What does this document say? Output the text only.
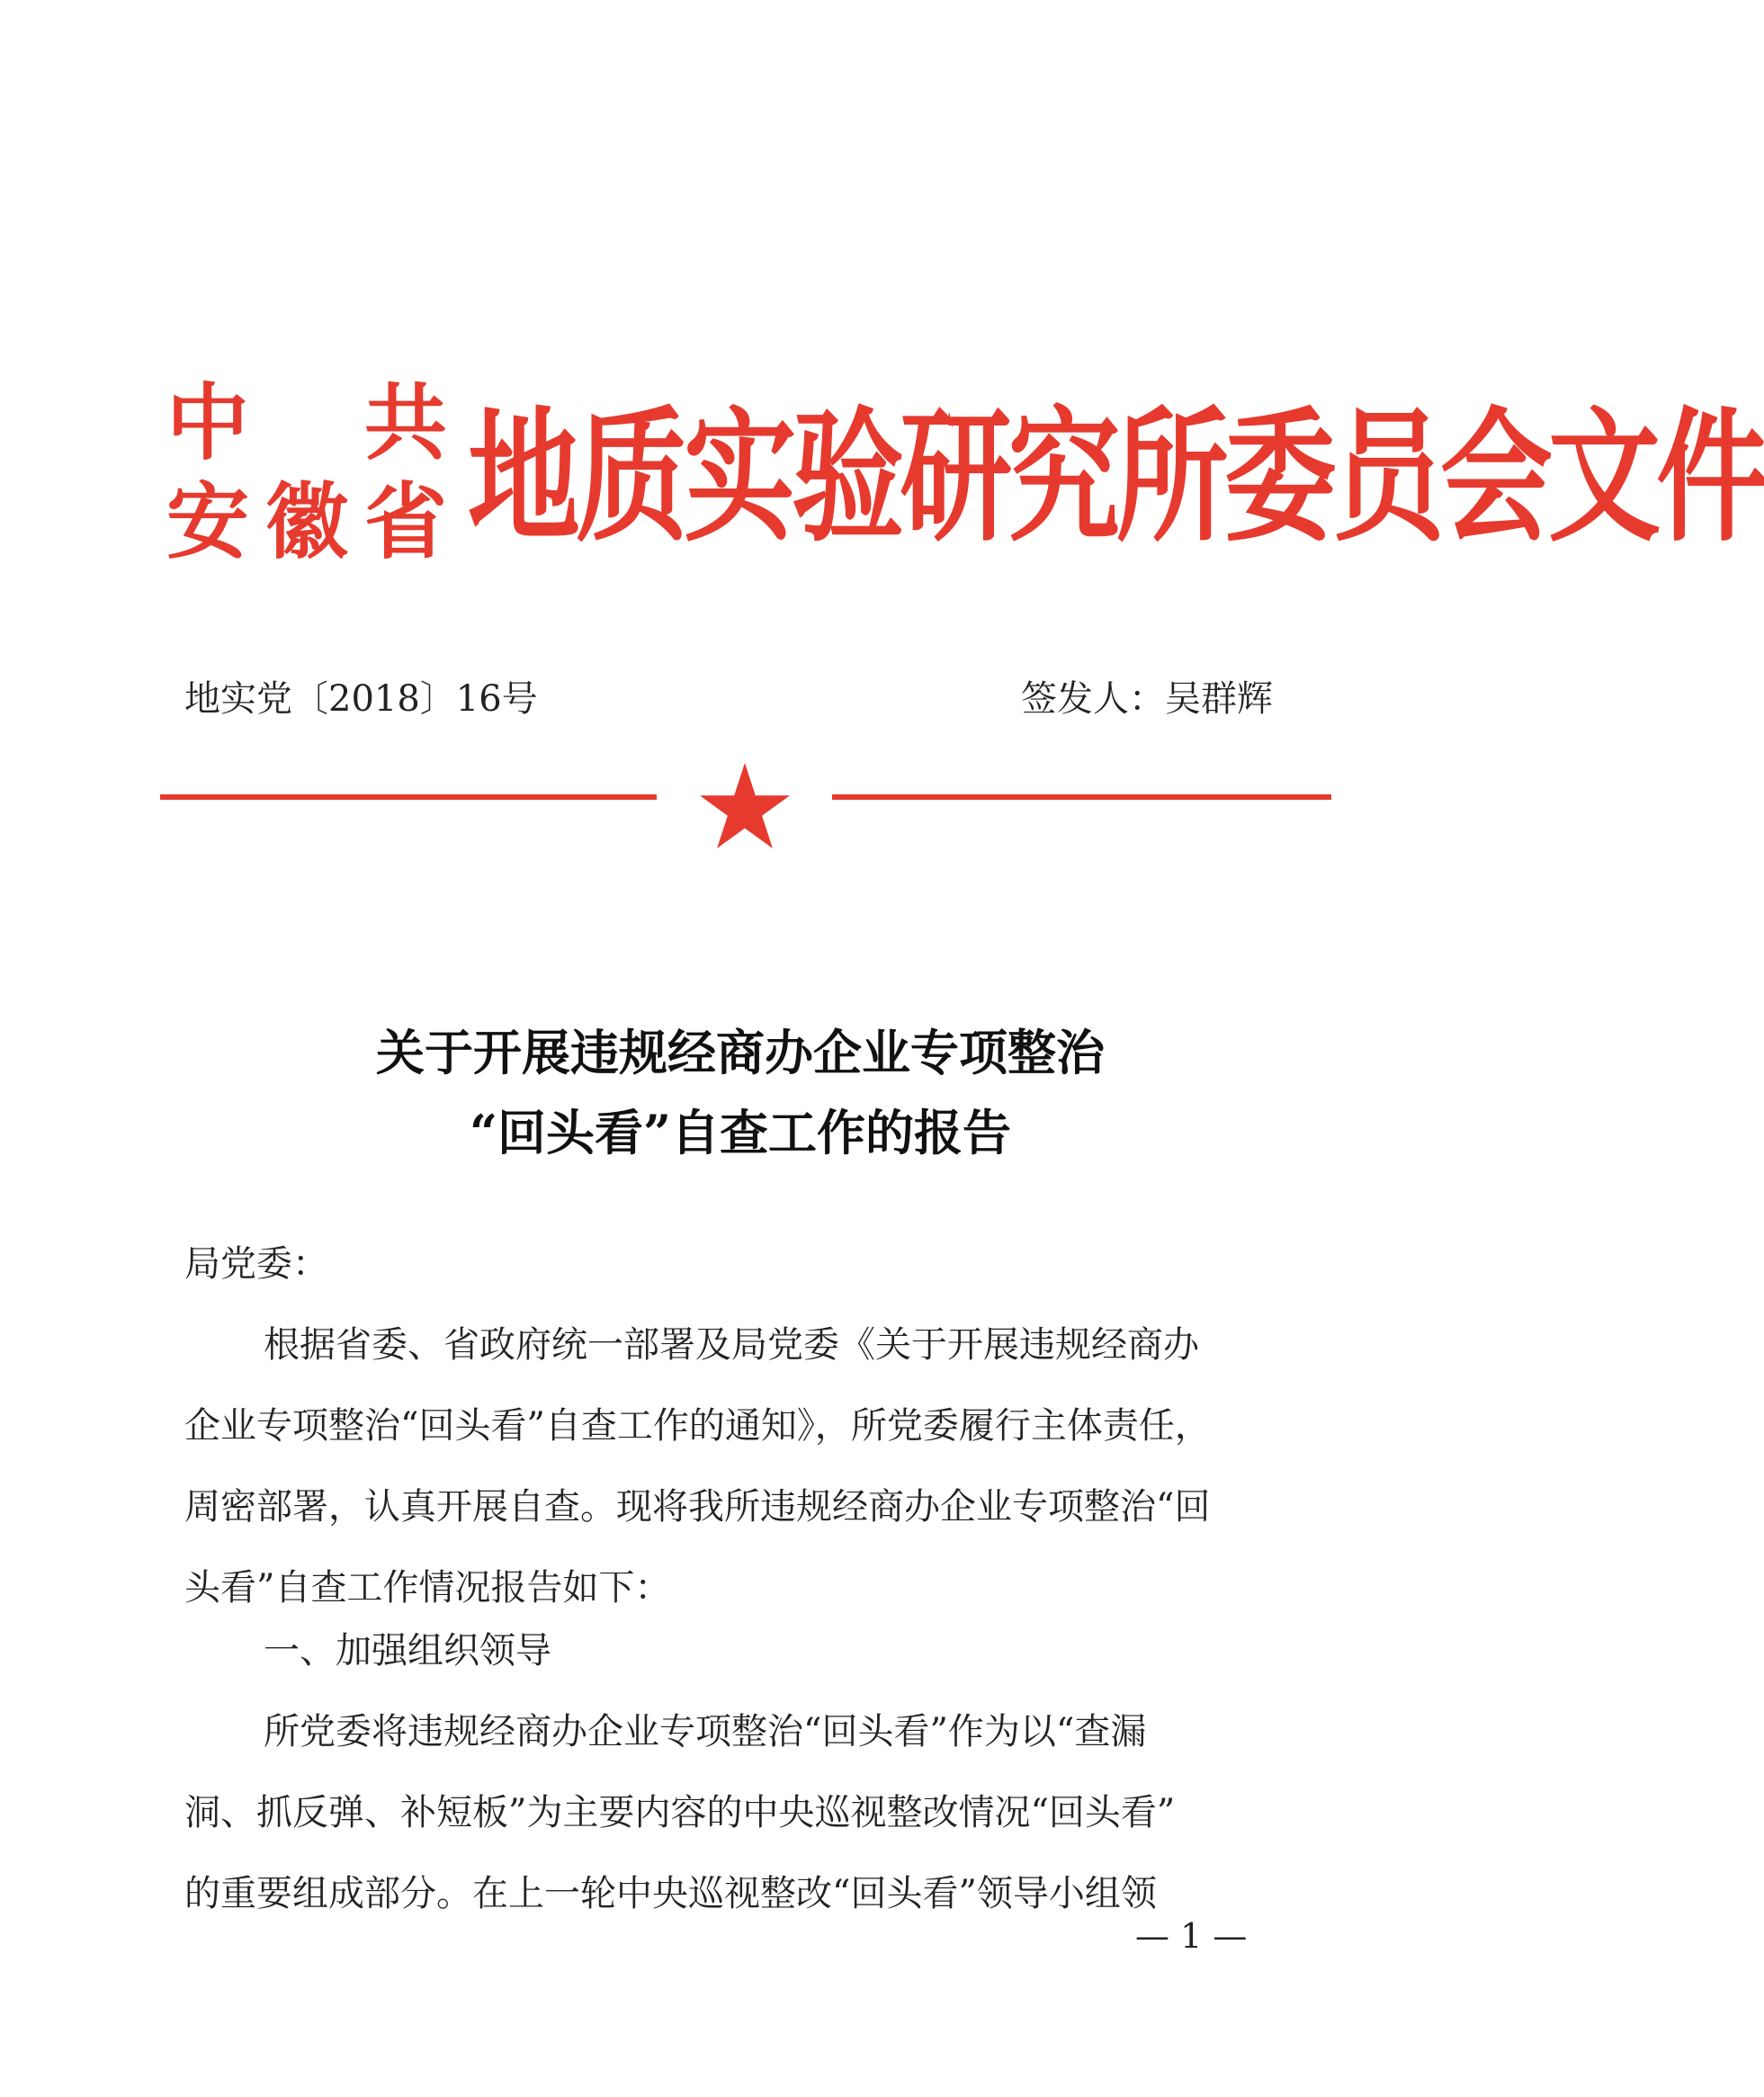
中 共
安 徽 省 地质实验研究所委员会文件
地实党〔2018〕16号	签发人：吴群辉
关于开展违规经商办企业专项整治
“回头看”自查工作的报告
局党委：
根据省委、省政府统一部署及局党委《关于开展违规经商办
企业专项整治“回头看”自查工作的通知》，所党委履行主体责任，
周密部署，认真开展自查。现将我所违规经商办企业专项整治“回
头看”自查工作情况报告如下：
一、加强组织领导
所党委将违规经商办企业专项整治“回头看”作为以“查漏
洞、抓反弹、补短板”为主要内容的中央巡视整改情况“回头看”
的重要组成部分。在上一轮中央巡视整改“回头看”领导小组领
— 1 —
